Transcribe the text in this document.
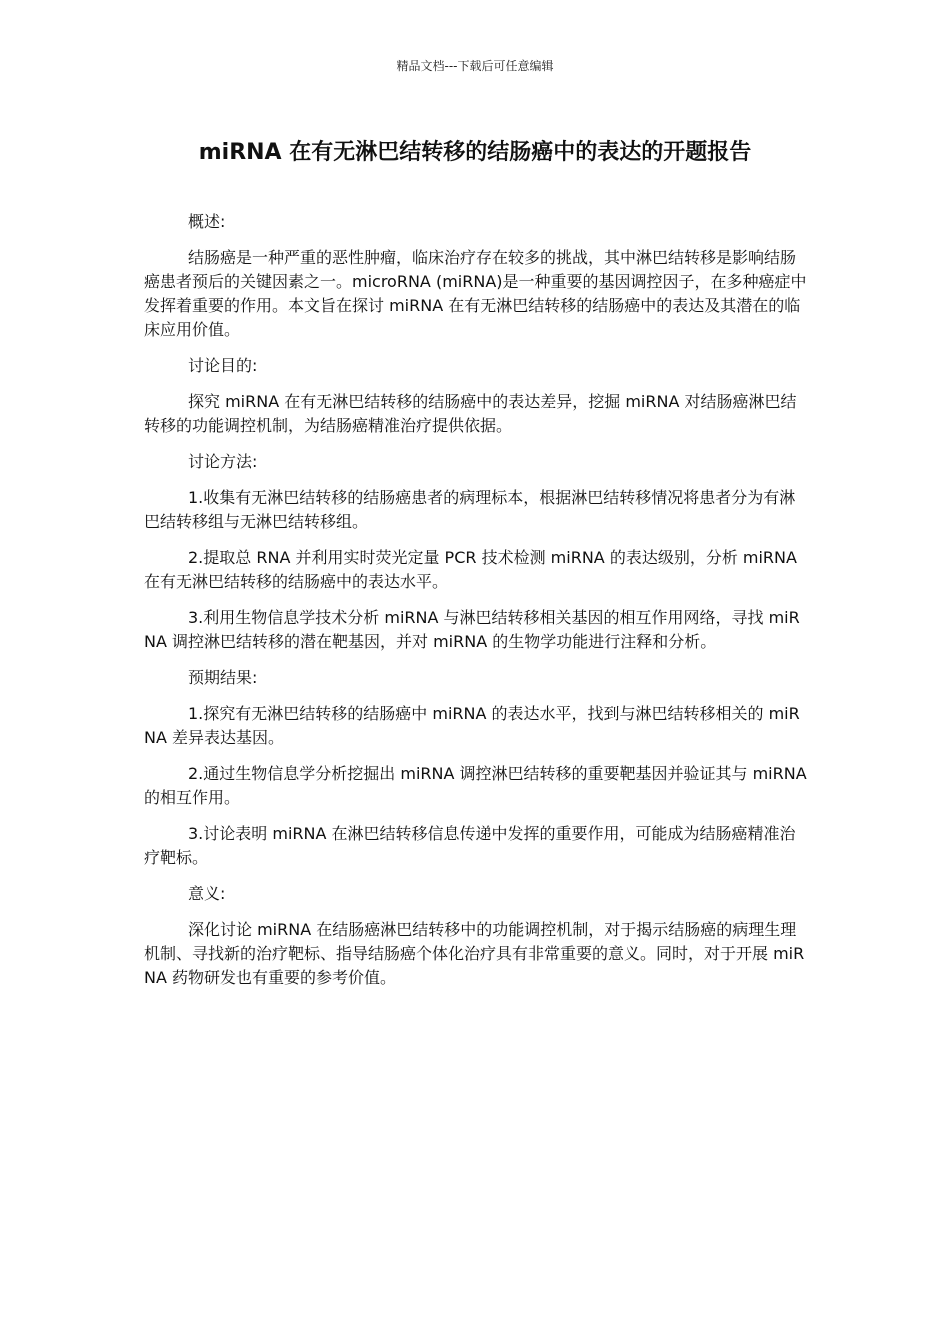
精品文档---下载后可任意编辑
miRNA 在有无淋巴结转移的结肠癌中的表达的开题报告

概述:

结肠癌是一种严重的恶性肿瘤，临床治疗存在较多的挑战，其中淋巴结转移是影响结肠癌患者预后的关键因素之一。microRNA (miRNA)是一种重要的基因调控因子，在多种癌症中发挥着重要的作用。本文旨在探讨 miRNA 在有无淋巴结转移的结肠癌中的表达及其潜在的临床应用价值。

讨论目的:

探究 miRNA 在有无淋巴结转移的结肠癌中的表达差异，挖掘 miRNA 对结肠癌淋巴结转移的功能调控机制，为结肠癌精准治疗提供依据。

讨论方法:

1.收集有无淋巴结转移的结肠癌患者的病理标本，根据淋巴结转移情况将患者分为有淋巴结转移组与无淋巴结转移组。

2.提取总 RNA 并利用实时荧光定量 PCR 技术检测 miRNA 的表达级别，分析 miRNA 在有无淋巴结转移的结肠癌中的表达水平。

3.利用生物信息学技术分析 miRNA 与淋巴结转移相关基因的相互作用网络，寻找 miRNA 调控淋巴结转移的潜在靶基因，并对 miRNA 的生物学功能进行注释和分析。

预期结果:

1.探究有无淋巴结转移的结肠癌中 miRNA 的表达水平，找到与淋巴结转移相关的 miRNA 差异表达基因。

2.通过生物信息学分析挖掘出 miRNA 调控淋巴结转移的重要靶基因并验证其与 miRNA 的相互作用。

3.讨论表明 miRNA 在淋巴结转移信息传递中发挥的重要作用，可能成为结肠癌精准治疗靶标。

意义:

深化讨论 miRNA 在结肠癌淋巴结转移中的功能调控机制，对于揭示结肠癌的病理生理机制、寻找新的治疗靶标、指导结肠癌个体化治疗具有非常重要的意义。同时，对于开展 miRNA 药物研发也有重要的参考价值。
